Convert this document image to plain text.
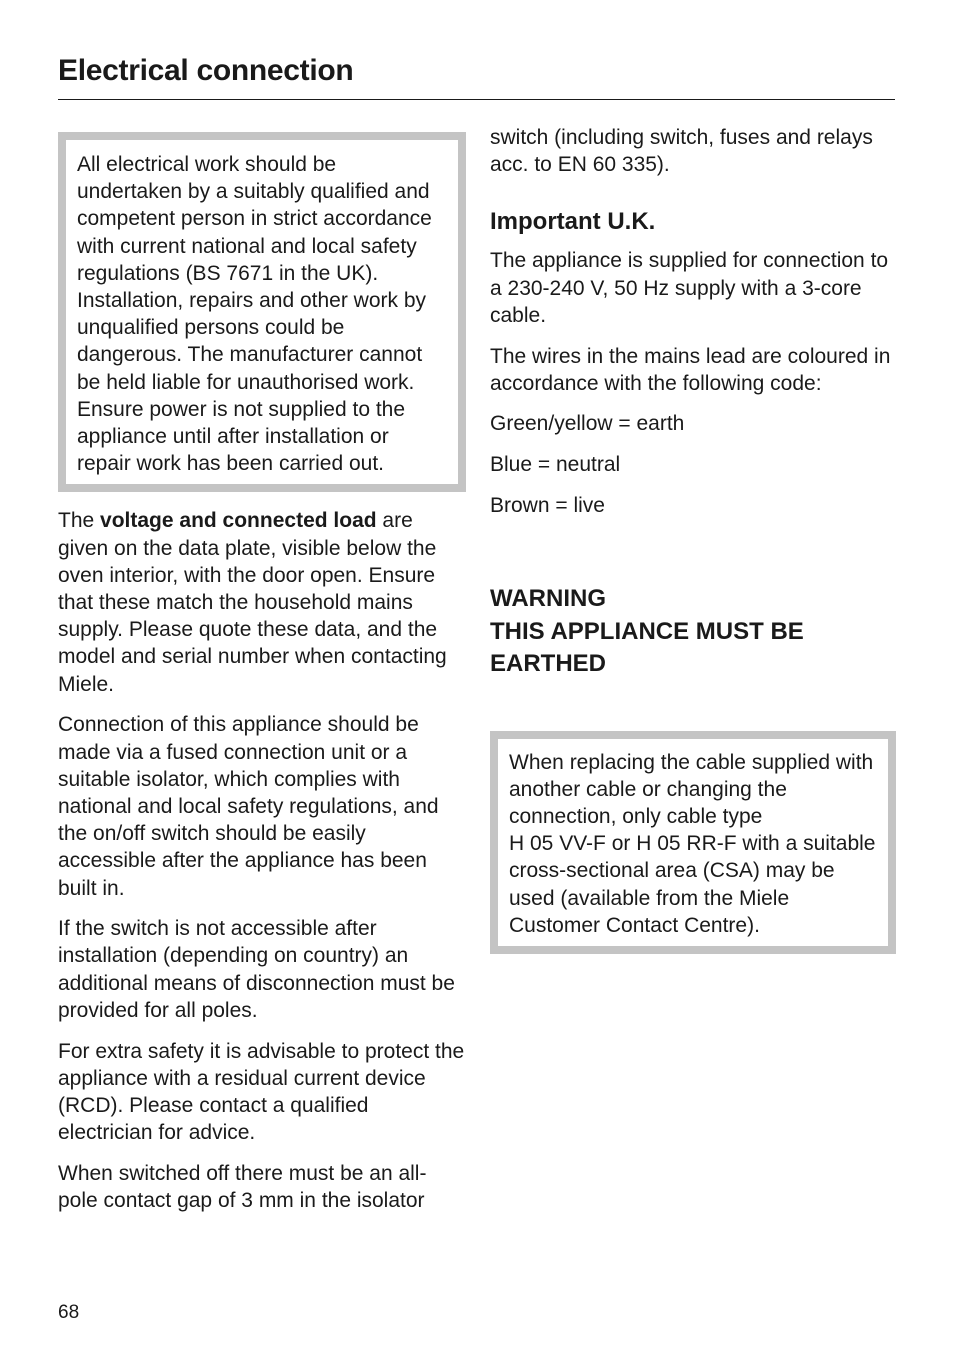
Electrical connection

All electrical work should be undertaken by a suitably qualified and competent person in strict accordance with current national and local safety regulations (BS 7671 in the UK).

Installation, repairs and other work by unqualified persons could be dangerous. The manufacturer cannot be held liable for unauthorised work.

Ensure power is not supplied to the appliance until after installation or repair work has been carried out.

The voltage and connected load are given on the data plate, visible below the oven interior, with the door open. Ensure that these match the household mains supply. Please quote these data, and the model and serial number when contacting Miele.

Connection of this appliance should be made via a fused connection unit or a suitable isolator, which complies with national and local safety regulations, and the on/off switch should be easily accessible after the appliance has been built in.

If the switch is not accessible after installation (depending on country) an additional means of disconnection must be provided for all poles.

For extra safety it is advisable to protect the appliance with a residual current device (RCD). Please contact a qualified electrician for advice.

When switched off there must be an all-pole contact gap of 3 mm in the isolator

switch (including switch, fuses and relays acc. to EN 60 335).

Important U.K.

The appliance is supplied for connection to a 230-240 V, 50 Hz supply with a 3-core cable.

The wires in the mains lead are coloured in accordance with the following code:

Green/yellow = earth

Blue = neutral

Brown = live

WARNING
THIS APPLIANCE MUST BE EARTHED

When replacing the cable supplied with another cable or changing the connection, only cable type

H 05 VV-F or H 05 RR-F with a suitable cross-sectional area (CSA) may be used (available from the Miele Customer Contact Centre).

68
